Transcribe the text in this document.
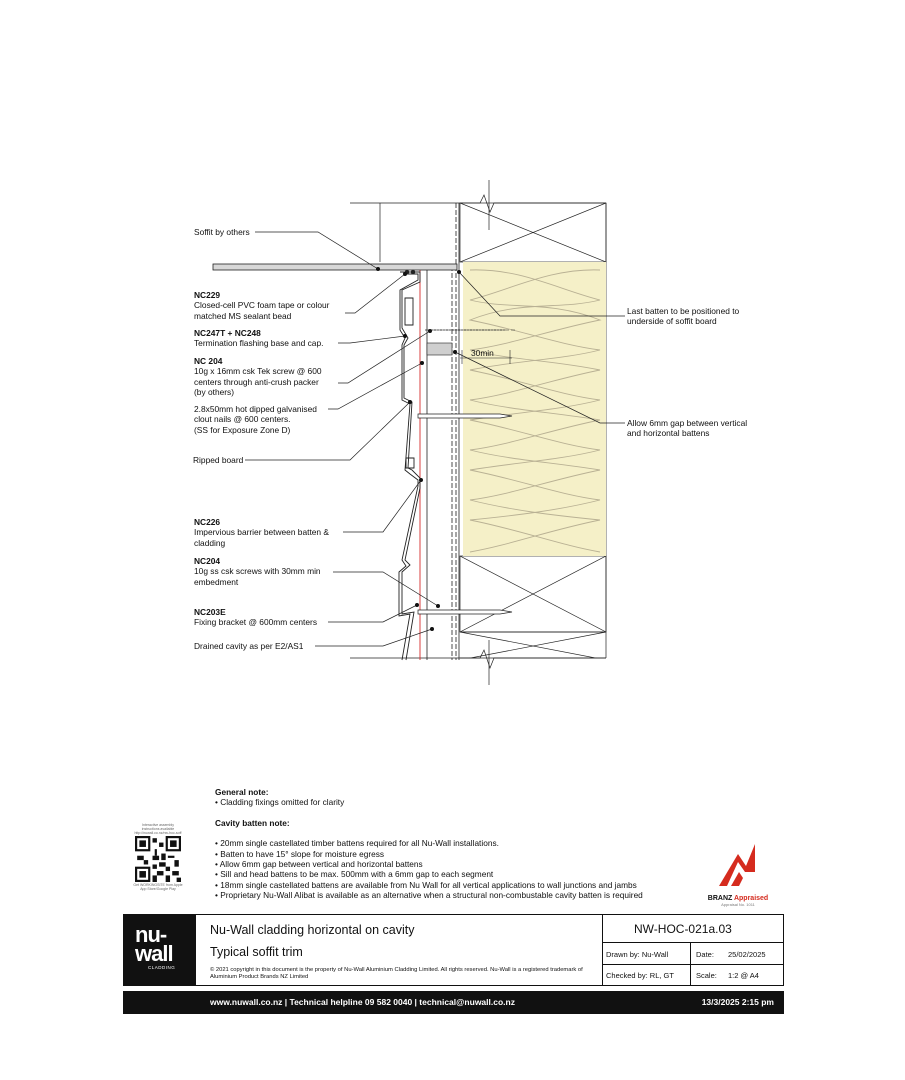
Soffit by others
NC229
Closed-cell PVC foam tape or colour
matched MS sealant bead
NC247T + NC248
Termination flashing base and cap.
NC 204
10g x 16mm csk Tek screw @ 600
centers through anti-crush packer
(by others)
2.8x50mm hot dipped galvanised
clout nails @ 600 centers.
(SS for Exposure Zone D)
Ripped board
NC226
Impervious barrier between batten &
cladding
NC204
10g ss csk screws with 30mm min
embedment
NC203E
Fixing bracket @ 600mm centers
Drained cavity as per E2/AS1
Last batten to be positioned to
underside of soffit board
Allow 6mm gap between vertical
and horizontal battens
30min
General note:
• Cladding fixings omitted for clarity
Cavity batten note:
• 20mm single castellated timber battens required for all Nu-Wall installations.
• Batten to have 15° slope for moisture egress
• Allow 6mm gap between vertical and horizontal battens
• Sill and head battens to be max. 500mm with a 6mm gap to each segment
• 18mm single castellated battens are available from Nu Wall for all vertical applications to wall junctions and jambs
• Proprietary Nu-Wall Alibat is available as an alternative when a structural non-combustable cavity batten is required
Interactive assembly instructions available
http://nuwall.co.nz/nw-hoc-soff
Get WORKINGSITE from Apple App Store/Google Play
BRANZ Appraised
Appraisal No. 1011
nu-
wall
CLADDING
Nu-Wall cladding horizontal on cavity
Typical soffit trim
© 2021 copyright in this document is the property of Nu-Wall Aluminium Cladding Limited. All rights reserved. Nu-Wall is a registered trademark of Aluminium Product Brands NZ Limited
NW-HOC-021a.03
Drawn by: Nu-Wall	Date: 25/02/2025
Checked by: RL, GT	Scale: 1:2 @ A4
www.nuwall.co.nz | Technical helpline 09 582 0040 | technical@nuwall.co.nz	13/3/2025 2:15 pm
